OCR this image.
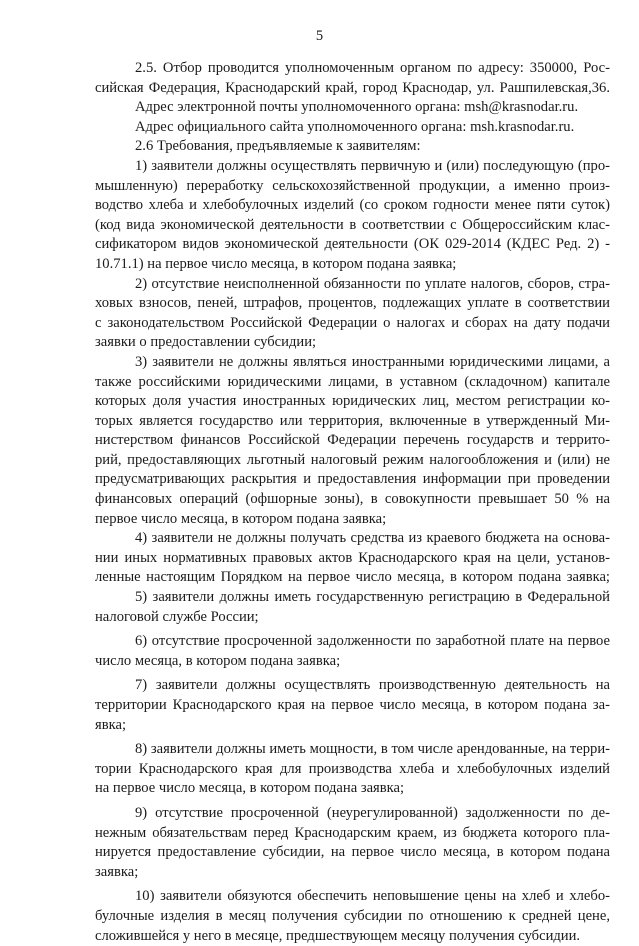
5
2.5. Отбор проводится уполномоченным органом по адресу: 350000, Рос-
сийская Федерация, Краснодарский край, город Краснодар, ул. Рашпилевская,36.
Адрес электронной почты уполномоченного органа: msh@krasnodar.ru.
Адрес официального сайта уполномоченного органа: msh.krasnodar.ru.
2.6 Требования, предъявляемые к заявителям:
1) заявители должны осуществлять первичную и (или) последующую (про-
мышленную) переработку сельскохозяйственной продукции, а именно произ-
водство хлеба и хлебобулочных изделий (со сроком годности менее пяти суток)
(код вида экономической деятельности в соответствии с Общероссийским клас-
сификатором видов экономической деятельности (ОК 029-2014 (КДЕС Ред. 2) -
10.71.1) на первое число месяца, в котором подана заявка;
2) отсутствие неисполненной обязанности по уплате налогов, сборов, стра-
ховых взносов, пеней, штрафов, процентов, подлежащих уплате в соответствии
с законодательством Российской Федерации о налогах и сборах на дату подачи
заявки о предоставлении субсидии;
3) заявители не должны являться иностранными юридическими лицами, а
также российскими юридическими лицами, в уставном (складочном) капитале
которых доля участия иностранных юридических лиц, местом регистрации ко-
торых является государство или территория, включенные в утвержденный Ми-
нистерством финансов Российской Федерации перечень государств и террито-
рий, предоставляющих льготный налоговый режим налогообложения и (или) не
предусматривающих раскрытия и предоставления информации при проведении
финансовых операций (офшорные зоны), в совокупности превышает 50 % на
первое число месяца, в котором подана заявка;
4) заявители не должны получать средства из краевого бюджета на основа-
нии иных нормативных правовых актов Краснодарского края на цели, установ-
ленные настоящим Порядком на первое число месяца, в котором подана заявка;
5) заявители должны иметь государственную регистрацию в Федеральной
налоговой службе России;
6) отсутствие просроченной задолженности по заработной плате на первое
число месяца, в котором подана заявка;
7) заявители должны осуществлять производственную деятельность на
территории Краснодарского края на первое число месяца, в котором подана за-
явка;
8) заявители должны иметь мощности, в том числе арендованные, на терри-
тории Краснодарского края для производства хлеба и хлебобулочных изделий
на первое число месяца, в котором подана заявка;
9) отсутствие просроченной (неурегулированной) задолженности по де-
нежным обязательствам перед Краснодарским краем, из бюджета которого пла-
нируется предоставление субсидии, на первое число месяца, в котором подана
заявка;
10) заявители обязуются обеспечить неповышение цены на хлеб и хлебо-
булочные изделия в месяц получения субсидии по отношению к средней цене,
сложившейся у него в месяце, предшествующем месяцу получения субсидии.
